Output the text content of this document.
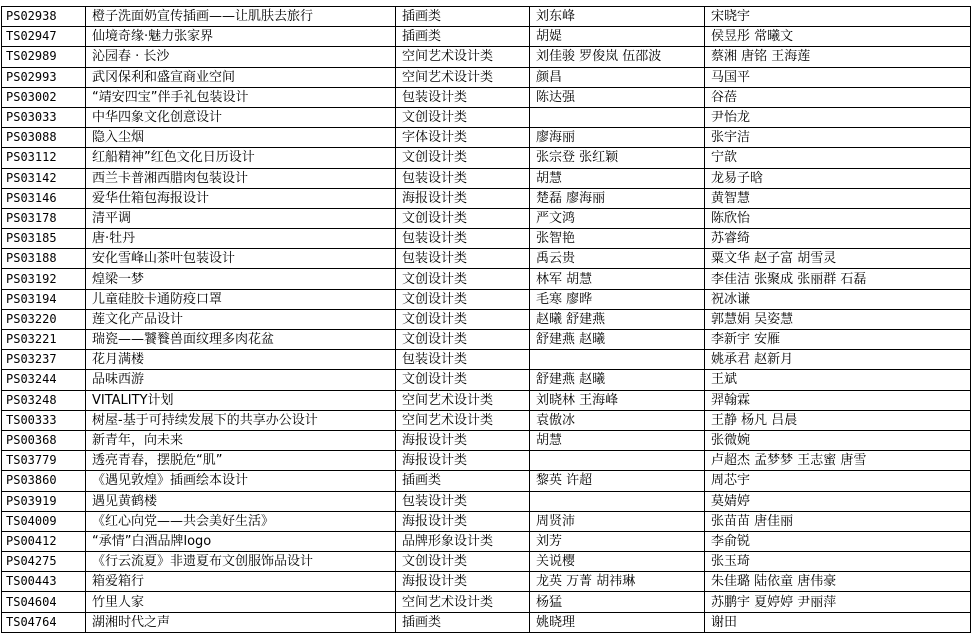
PS02938	橙子洗面奶宣传插画——让肌肤去旅行	插画类	刘东峰	宋晓宇
TS02947	仙境奇缘·魅力张家界	插画类	胡媞	侯昱彤 常曦文
TS02989	沁园春 · 长沙	空间艺术设计类	刘佳骏 罗俊岚 伍邵波	蔡湘 唐铭 王海莲
PS02993	武冈保利和盛宣商业空间	空间艺术设计类	颜昌	马国平
PS03002	“靖安四宝”伴手礼包装设计	包装设计类	陈达强	谷蓓
PS03033	中华四象文化创意设计	文创设计类		尹怡龙
PS03088	隐入尘烟	字体设计类	廖海丽	张宇洁
PS03112	红船精神”红色文化日历设计	文创设计类	张宗登 张红颖	宁歆
PS03142	西兰卡普湘西腊肉包装设计	包装设计类	胡慧	龙易子晗
PS03146	爱华仕箱包海报设计	海报设计类	楚磊 廖海丽	黄智慧
PS03178	清平调	文创设计类	严文鸿	陈欣怡
PS03185	唐·牡丹	包装设计类	张智艳	苏睿绮
PS03188	安化雪峰山茶叶包装设计	包装设计类	禹云贵	粟文华 赵子富 胡雪灵
PS03192	煌梁一梦	文创设计类	林军 胡慧	李佳洁 张聚成 张丽群 石磊
PS03194	儿童硅胶卡通防疫口罩	文创设计类	毛寒 廖晔	祝冰谦
PS03220	莲文化产品设计	文创设计类	赵曦 舒建燕	郭慧娟 吴姿慧
PS03221	瑞瓷——饕餮兽面纹理多肉花盆	文创设计类	舒建燕 赵曦	李新宇 安雁
PS03237	花月满楼	包装设计类		姚承君 赵新月
PS03244	品味西游	文创设计类	舒建燕 赵曦	王斌
PS03248	VITALITY计划	空间艺术设计类	刘晓林 王海峰	羿翰霖
TS00333	树屋-基于可持续发展下的共享办公设计	空间艺术设计类	袁傲冰	王静 杨凡 吕晨
PS00368	新青年，向未来	海报设计类	胡慧	张微婉
TS03779	透亮青春，摆脱危“肌”	海报设计类		卢超杰 孟梦梦 王志蜜 唐雪
PS03860	《遇见敦煌》插画绘本设计	插画类	黎英 许超	周芯宇
PS03919	遇见黄鹤楼	包装设计类		莫婧婷
TS04009	《红心向党——共会美好生活》	海报设计类	周贤沛	张苗苗 唐佳丽
PS00412	“承情”白酒品牌logo	品牌形象设计类	刘芳	李俞锐
PS04275	《行云流夏》非遗夏布文创服饰品设计	文创设计类	关说樱	张玉琦
TS00443	箱爱箱行	海报设计类	龙英 万菁 胡祎琳	朱佳璐 陆依童 唐伟豪
TS04604	竹里人家	空间艺术设计类	杨猛	苏鹏宇 夏婷婷 尹丽萍
TS04764	湖湘时代之声	插画类	姚晓理	谢田
